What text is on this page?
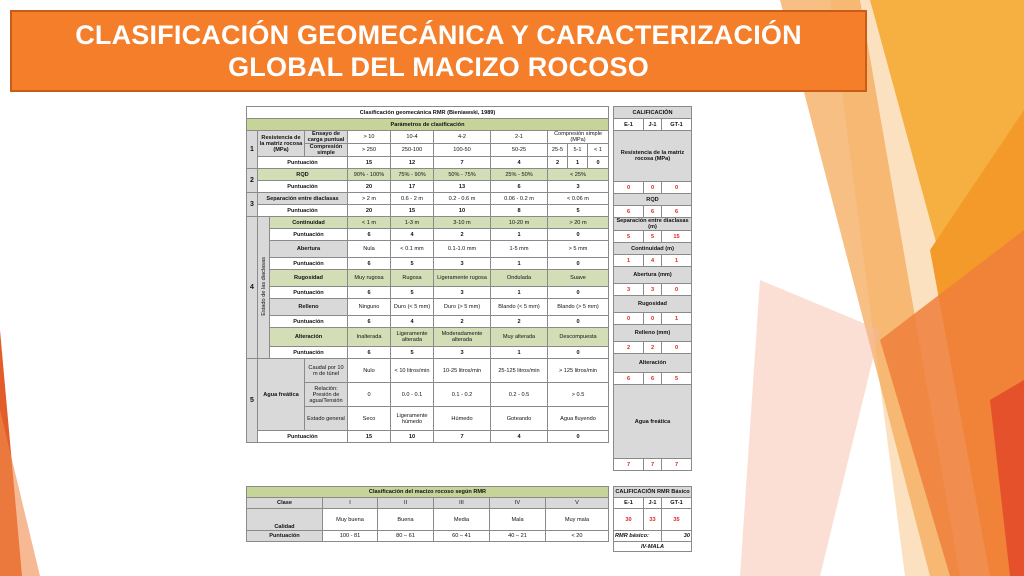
CLASIFICACIÓN GEOMECÁNICA Y CARACTERIZACIÓN
GLOBAL DEL MACIZO ROCOSO
Clasificación geomecánica RMR (Bieniawski, 1989)										
Parámetros de clasificación										
1	Resistencia de la matriz rocosa (MPa)		Ensayo de carga puntual	> 10	10-4	4-2	2-1	Compresión simple (MPa)		
			Compresión simple	> 250	250-100	100-50	50-25	25-5	5-1	< 1
	Puntuación			15	12	7	4	2	1	0
2	RQD			90% - 100%	75% - 90%	50% - 75%	25% - 50%	< 25%		
	Puntuación			20	17	13	6	3		
3	Separación entre diaclasas			> 2 m	0.6 - 2 m	0.2 - 0.6 m	0.06 - 0.2 m	< 0.06 m		
	Puntuación			20	15	10	8	5		
4	Estado de las diaclasas	Continuidad		< 1 m	1-3 m	3-10 m	10-20 m	> 20 m		
		Puntuación		6	4	2	1	0		
		Abertura		Nula	< 0.1 mm	0.1-1.0 mm	1-5 mm	> 5 mm		
		Puntuación		6	5	3	1	0		
		Rugosidad		Muy rugosa	Rugosa	Ligeramente rugosa	Ondulada	Suave		
		Puntuación		6	5	3	1	0		
		Relleno		Ninguno	Duro (< 5 mm)	Duro (> 5 mm)	Blando (< 5 mm)	Blando (> 5 mm)		
		Puntuación		6	4	2	2	0		
		Alteración		Inalterada	Ligeramente alterada	Moderadamente alterada	Muy alterada	Descompuesta		
		Puntuación		6	5	3	1	0		
5	Agua freática		Caudal por 10 m de túnel	Nulo	< 10 litros/min	10-25 litros/min	25-125 litros/min	> 125 litros/min		
			Relación: Presión de agua/Tensión	0	0.0 - 0.1	0.1 - 0.2	0.2 - 0.5	> 0.5		
			Estado general	Seco	Ligeramente húmedo	Húmedo	Goteando	Agua fluyendo		
	Puntuación			15	10	7	4	0		
CALIFICACIÓN		
E-1	J-1	GT-1
Resistencia de la matriz rocosa (MPa)		
0	0	0
RQD		
6	6	6
Separación entre diaclasas (m)		
5	5	15
Continuidad (m)		
1	4	1
Abertura (mm)		
3	3	0
Rugosidad		
0	0	1
Relleno (mm)		
2	2	0
Alteración		
6	6	5
Agua freática		
7	7	7
Clasificación del macizo rocoso según RMR					
Clase	I	II	III	IV	V
Calidad	Muy buena	Buena	Media	Mala	Muy mala
Puntuación	100 - 81	80 – 61	60 – 41	40 – 21	< 20
CALIFICACIÓN RMR Básico		
E-1	J-1	GT-1
30	33	35
RMR básico:		30
IV-MALA		
